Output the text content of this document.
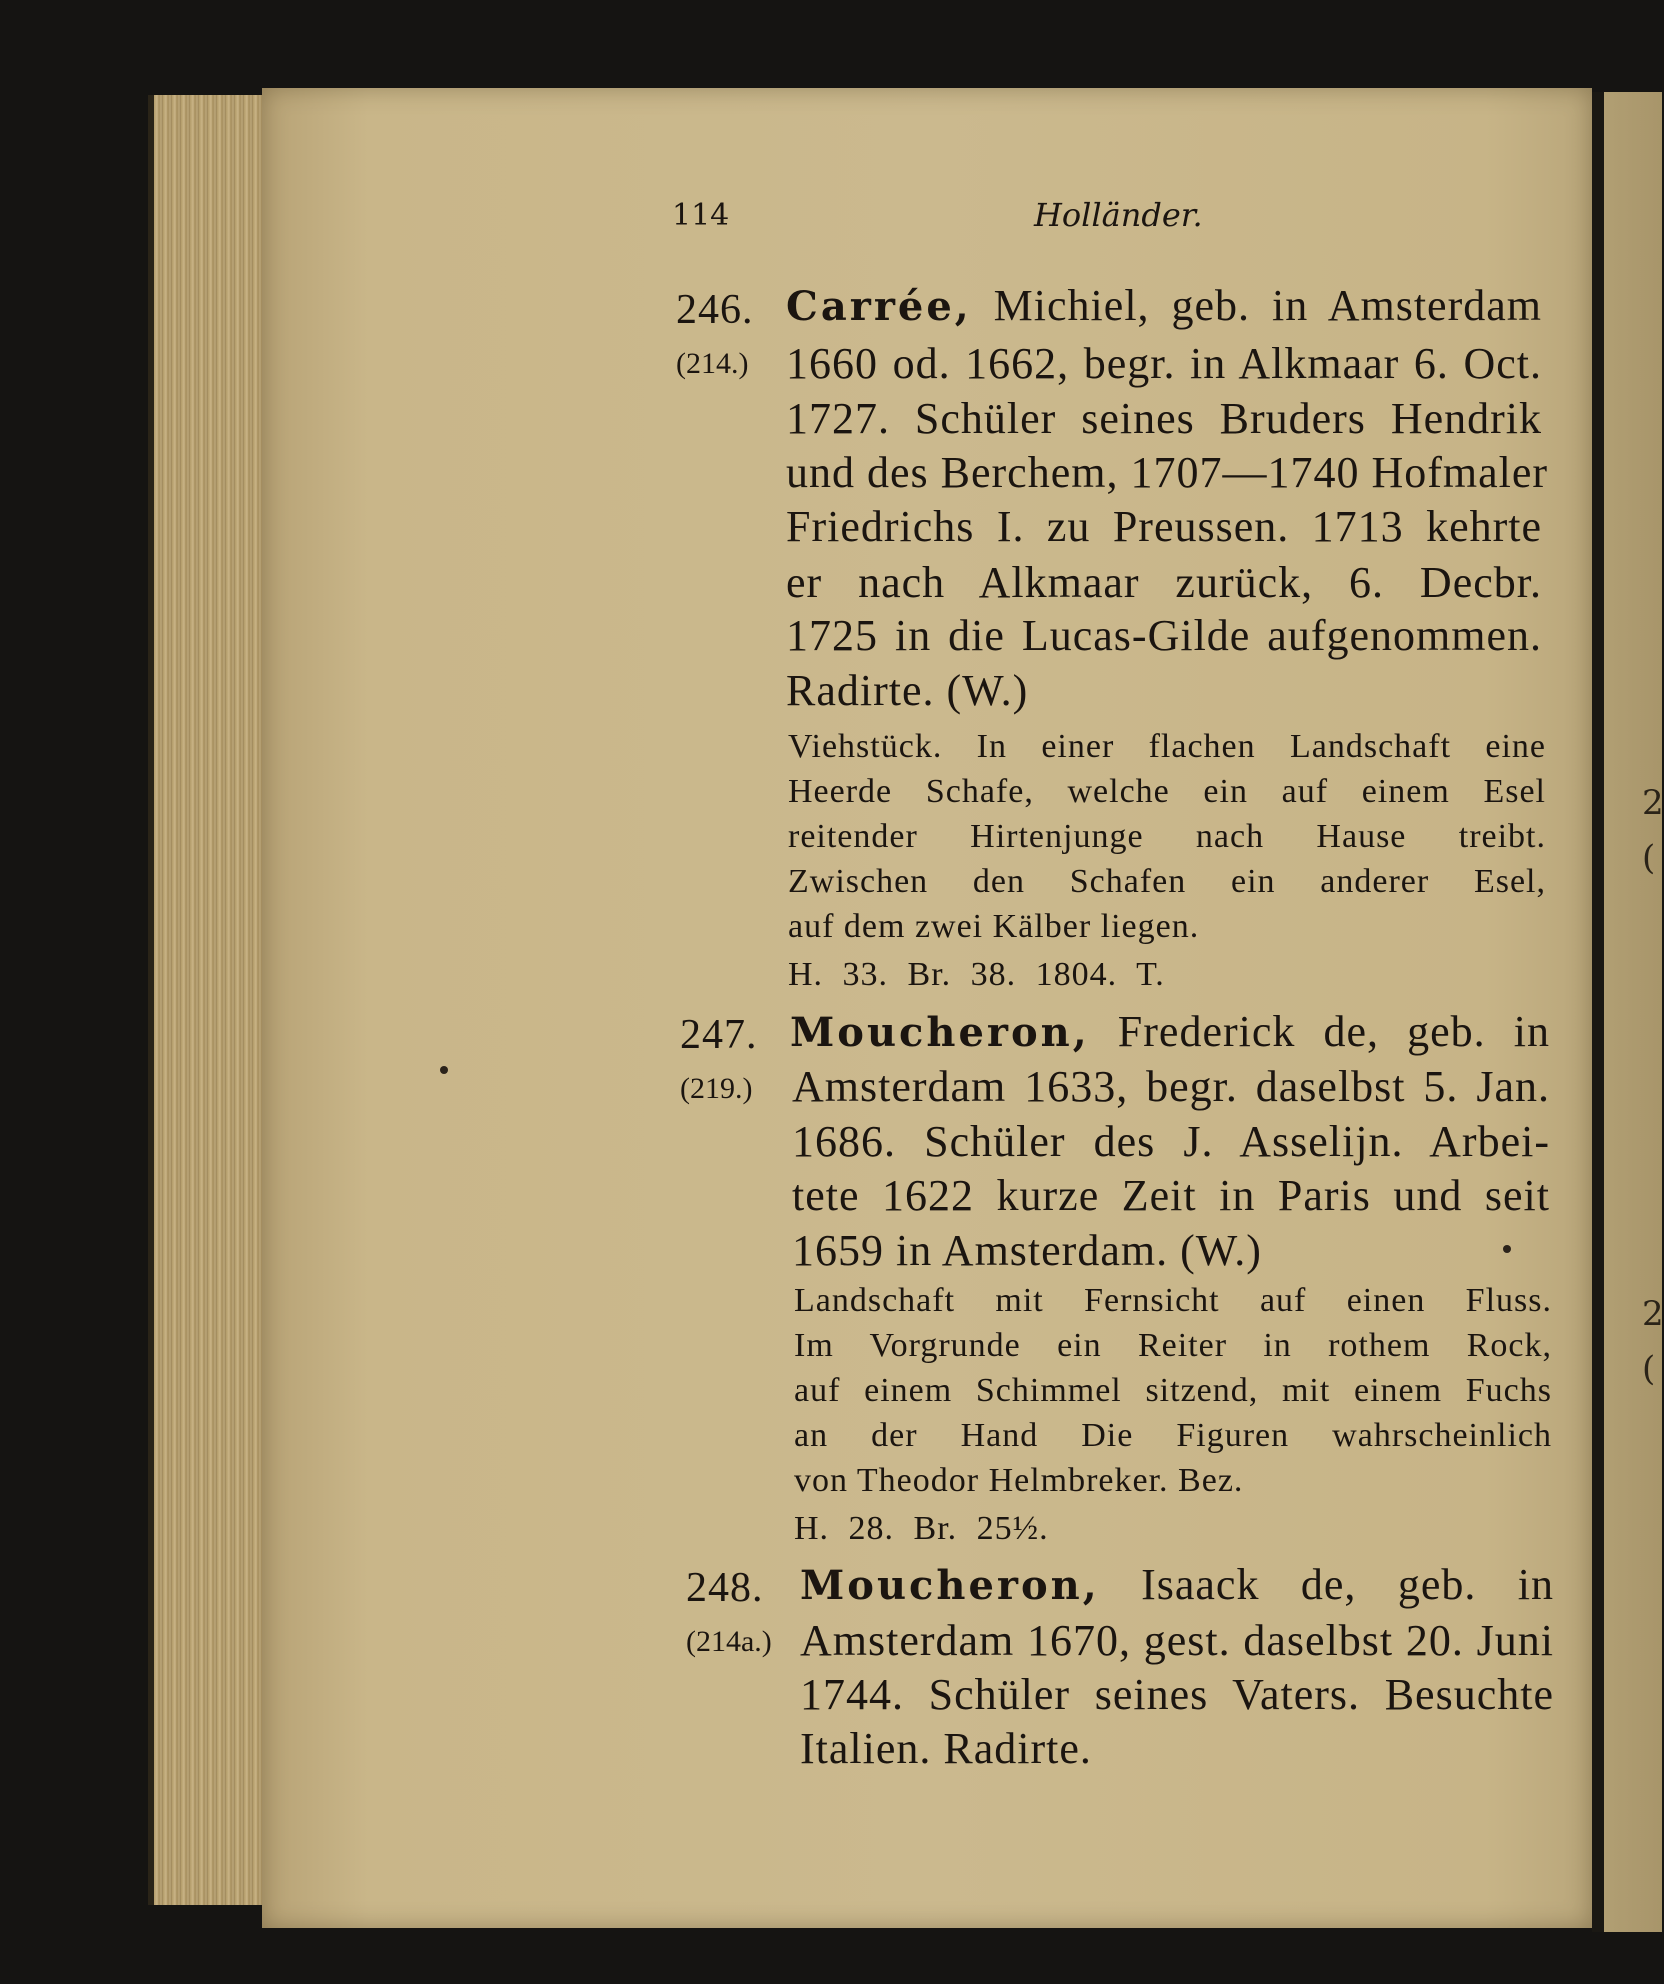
2
(
2
(
114	Holländer.
246.
(214.)
Carrée, Michiel, geb. in Amsterdam
1660 od. 1662, begr. in Alkmaar 6. Oct.
1727. Schüler seines Bruders Hendrik
und des Berchem, 1707—1740 Hofmaler
Friedrichs I. zu Preussen. 1713 kehrte
er nach Alkmaar zurück, 6. Decbr.
1725 in die Lucas-Gilde aufgenommen.
Radirte. (W.)
Viehstück. In einer flachen Landschaft eine
Heerde Schafe, welche ein auf einem Esel
reitender Hirtenjunge nach Hause treibt.
Zwischen den Schafen ein anderer Esel,
auf dem zwei Kälber liegen.
H. 33. Br. 38. 1804. T.
247.
(219.)
Moucheron, Frederick de, geb. in
Amsterdam 1633, begr. daselbst 5. Jan.
1686. Schüler des J. Asselijn. Arbei-
tete 1622 kurze Zeit in Paris und seit
1659 in Amsterdam. (W.)
Landschaft mit Fernsicht auf einen Fluss.
Im Vorgrunde ein Reiter in rothem Rock,
auf einem Schimmel sitzend, mit einem Fuchs
an der Hand Die Figuren wahrscheinlich
von Theodor Helmbreker. Bez.
H. 28. Br. 25½.
248.
(214a.)
Moucheron, Isaack de, geb. in
Amsterdam 1670, gest. daselbst 20. Juni
1744. Schüler seines Vaters. Besuchte
Italien. Radirte.
